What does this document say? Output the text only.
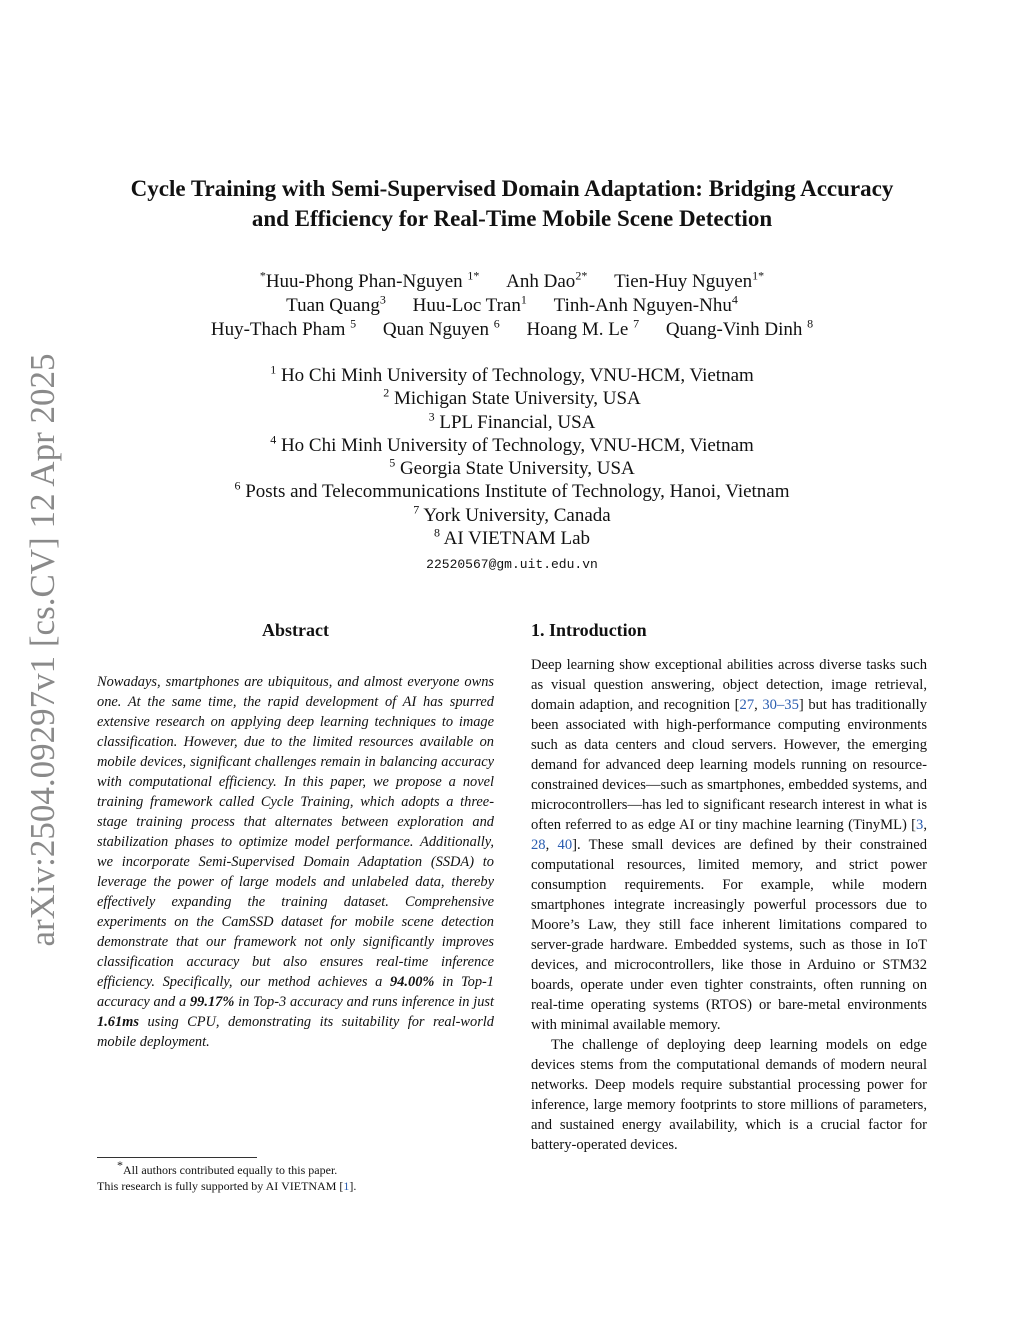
arXiv:2504.09297v1 [cs.CV] 12 Apr 2025
Cycle Training with Semi-Supervised Domain Adaptation: Bridging Accuracy
and Efficiency for Real-Time Mobile Scene Detection
*Huu-Phong Phan-Nguyen $^{1*}$ Anh Dao$^{2*}$ Tien-Huy Nguyen$^{1*}$
Tuan Quang$^3$ Huu-Loc Tran$^1$ Tinh-Anh Nguyen-Nhu$^4$
Huy-Thach Pham $^5$ Quan Nguyen $^6$ Hoang M. Le $^7$ Quang-Vinh Dinh $^8$
$^1$ Ho Chi Minh University of Technology, VNU-HCM, Vietnam
$^2$ Michigan State University, USA
$^3$ LPL Financial, USA
$^4$ Ho Chi Minh University of Technology, VNU-HCM, Vietnam
$^5$ Georgia State University, USA
$^6$ Posts and Telecommunications Institute of Technology, Hanoi, Vietnam
$^7$ York University, Canada
$^8$ AI VIETNAM Lab
22520567@gm.uit.edu.vn
Abstract
Nowadays, smartphones are ubiquitous, and almost everyone owns one. At the same time, the rapid development of AI has spurred extensive research on applying deep learning techniques to image classification. However, due to the limited resources available on mobile devices, significant challenges remain in balancing accuracy with computational efficiency. In this paper, we propose a novel training framework called Cycle Training, which adopts a three-stage training process that alternates between exploration and stabilization phases to optimize model performance. Additionally, we incorporate Semi-Supervised Domain Adaptation (SSDA) to leverage the power of large models and unlabeled data, thereby effectively expanding the training dataset. Comprehensive experiments on the CamSSD dataset for mobile scene detection demonstrate that our framework not only significantly improves classification accuracy but also ensures real-time inference efficiency. Specifically, our method achieves a 94.00% in Top-1 accuracy and a 99.17% in Top-3 accuracy and runs inference in just 1.61ms using CPU, demonstrating its suitability for real-world mobile deployment.
*All authors contributed equally to this paper.
This research is fully supported by AI VIETNAM [1].
1. Introduction

Deep learning show exceptional abilities across diverse tasks such as visual question answering, object detection, image retrieval, domain adaption, and recognition [27, 30–35] but has traditionally been associated with high-performance computing environments such as data centers and cloud servers. However, the emerging demand for advanced deep learning models running on resource-constrained devices—such as smartphones, embedded systems, and microcontrollers—has led to significant research interest in what is often referred to as edge AI or tiny machine learning (TinyML) [3, 28, 40]. These small devices are defined by their constrained computational resources, limited memory, and strict power consumption requirements. For example, while modern smartphones integrate increasingly powerful processors due to Moore’s Law, they still face inherent limitations compared to server-grade hardware. Embedded systems, such as those in IoT devices, and microcontrollers, like those in Arduino or STM32 boards, operate under even tighter constraints, often running on real-time operating systems (RTOS) or bare-metal environments with minimal available memory.

The challenge of deploying deep learning models on edge devices stems from the computational demands of modern neural networks. Deep models require substantial processing power for inference, large memory footprints to store millions of parameters, and sustained energy availability, which is a crucial factor for battery-operated devices.
